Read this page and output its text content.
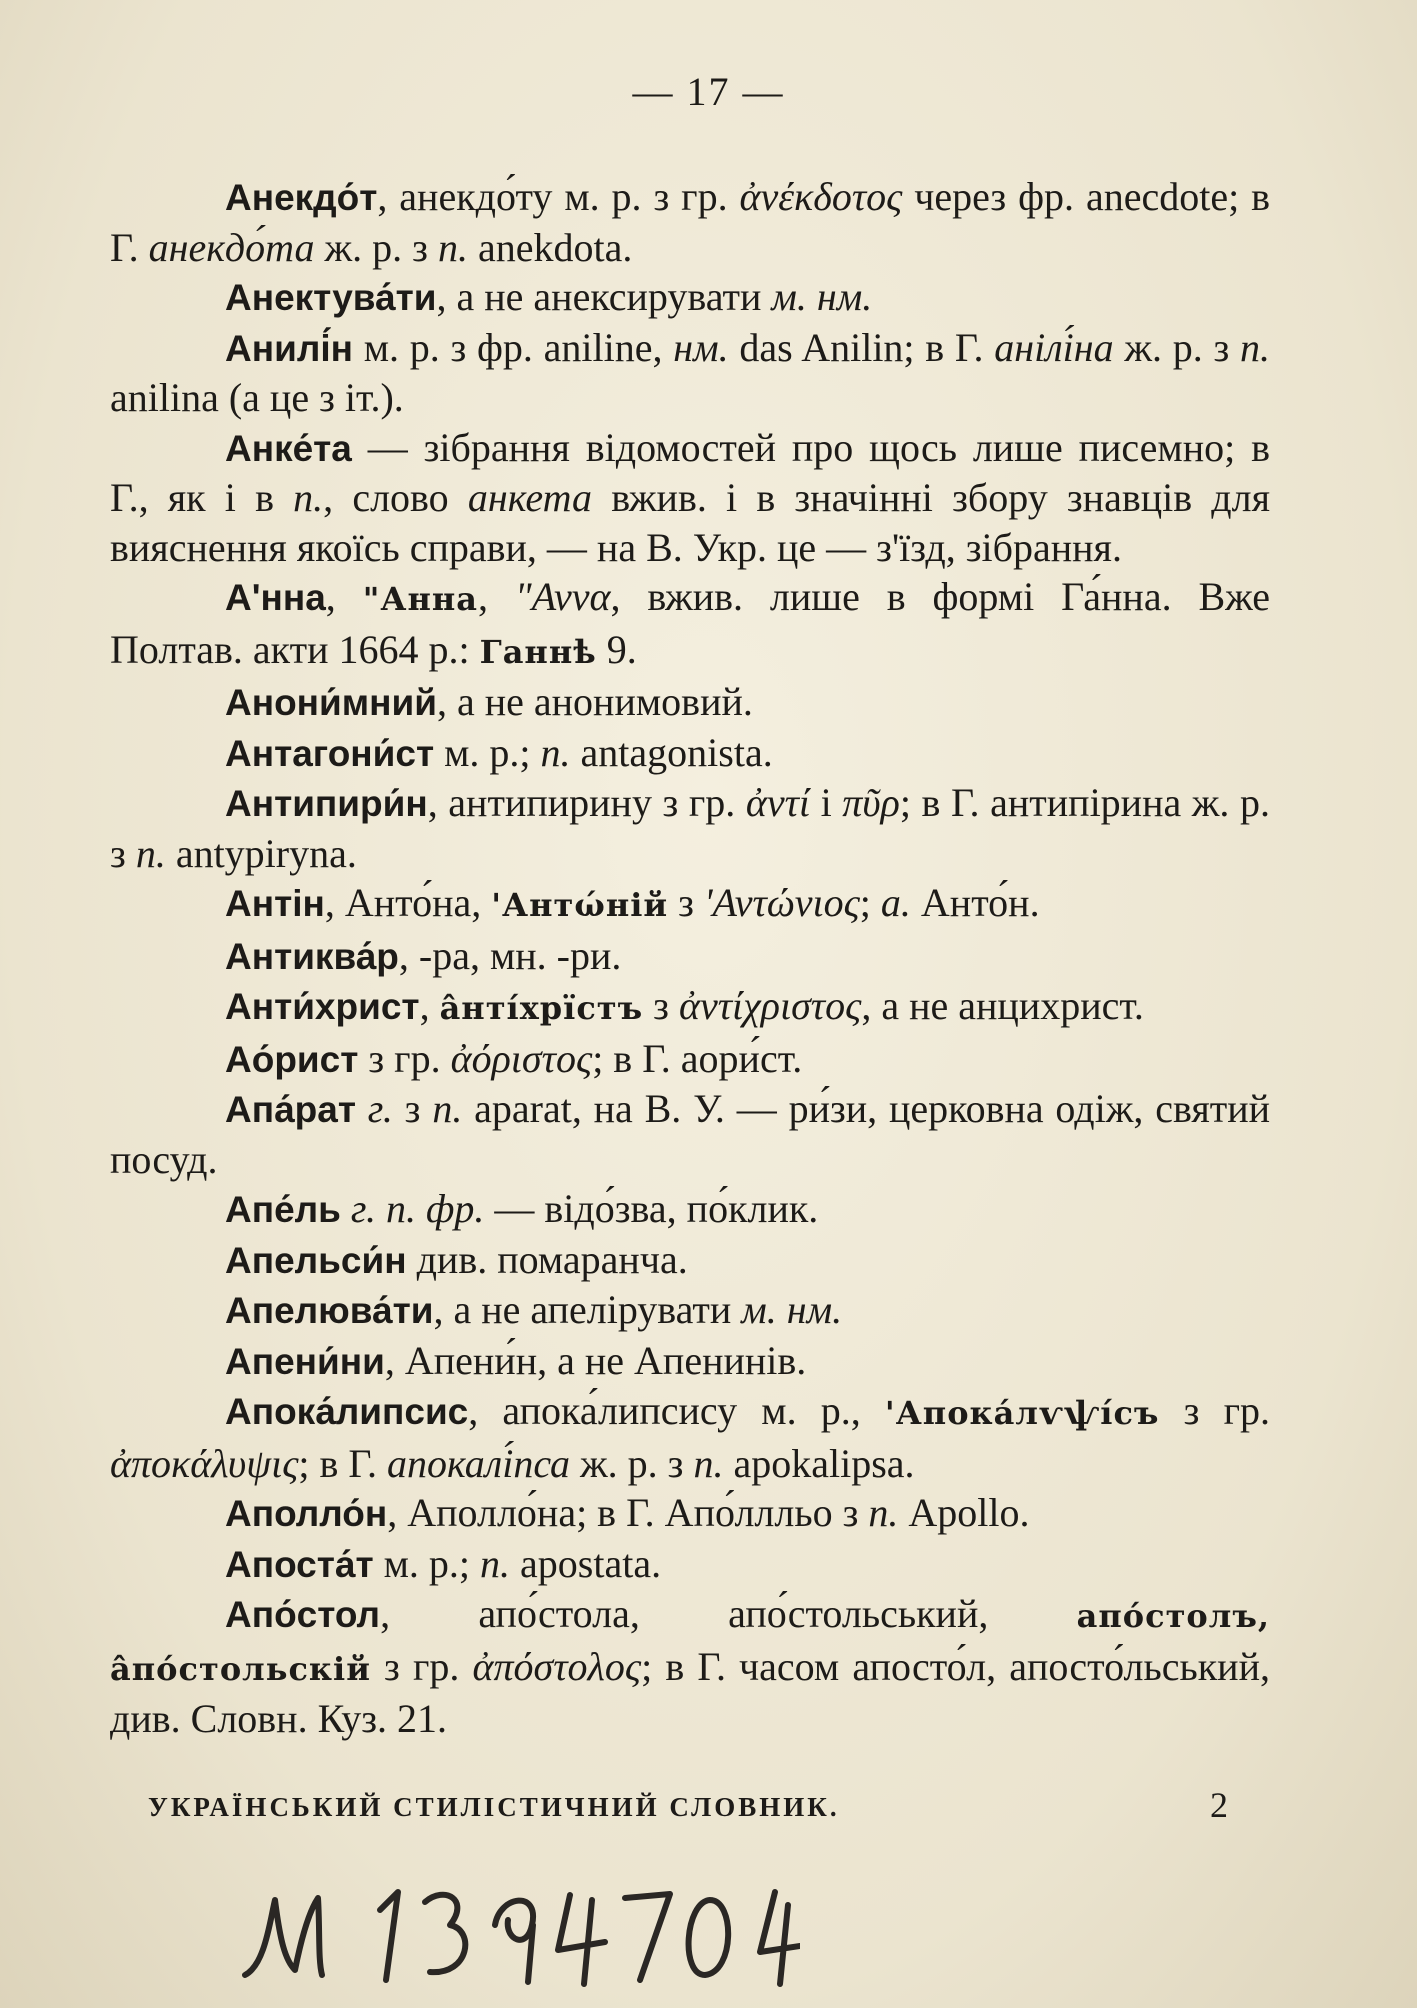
— 17 —

Анекдо́т, анекдо́ту м. р. з гр. ἀνέκδοτος через фр. anecdote; в Г. анекдо́та ж. р. з п. anekdota.

Анектува́ти, а не анексирувати м. нм.

Анилі́н м. р. з фр. aniline, нм. das Anilin; в Г. анілі́на ж. р. з п. anilina (а це з іт.).

Анке́та — зібрання відомостей про щось лише писемно; в Г., як і в п., слово анкета вжив. і в значінні збору знавців для вияснення якоїсь справи, — на В. Укр. це — з'їзд, зібрання.

А'нна, "Анна, "Αννα, вжив. лише в формі Га́нна. Вже Полтав. акти 1664 р.: Ганнѣ 9.

Анони́мний, а не анонимовий.

Антагони́ст м. р.; п. antagonista.

Антипири́н, антипирину з гр. ἀντί і πῦρ; в Г. антипірина ж. р. з п. antypiryna.

Антін, Анто́на, 'Антώній з 'Αντώνιος; а. Анто́н.

Антиква́р, -ра, мн. -ри.

Анти́христ, а̂нті́хрїстъ з ἀντίχριστος, а не анцихрист.

Ао́рист з гр. ἀόριστος; в Г. аори́ст.

Апа́рат г. з п. aparat, на В. У. — ри́зи, церковна одіж, святий посуд.

Апе́ль г. п. фр. — відо́зва, по́клик.

Апельси́н див. помаранча.

Апелюва́ти, а не апелірувати м. нм.

Апени́ни, Апени́н, а не Апенинів.

Апока́липсис, апока́липсису м. р., 'Апока́лѵѱі́съ з гр. ἀποκάλυψις; в Г. апокалі́пса ж. р. з п. apokalipsa.

Аполло́н, Аполло́на; в Г. Апо́ллльо з п. Apollo.

Апоста́т м. р.; п. apostata.

Апо́стол, апо́стола, апо́стольський, апо́столъ, а̂по́стольскій з гр. ἀπόστολος; в Г. часом апосто́л, aпосто́льський, див. Словн. Куз. 21.

УКРАЇНСЬКИЙ СТИЛІСТИЧНИЙ СЛОВНИК.	2
